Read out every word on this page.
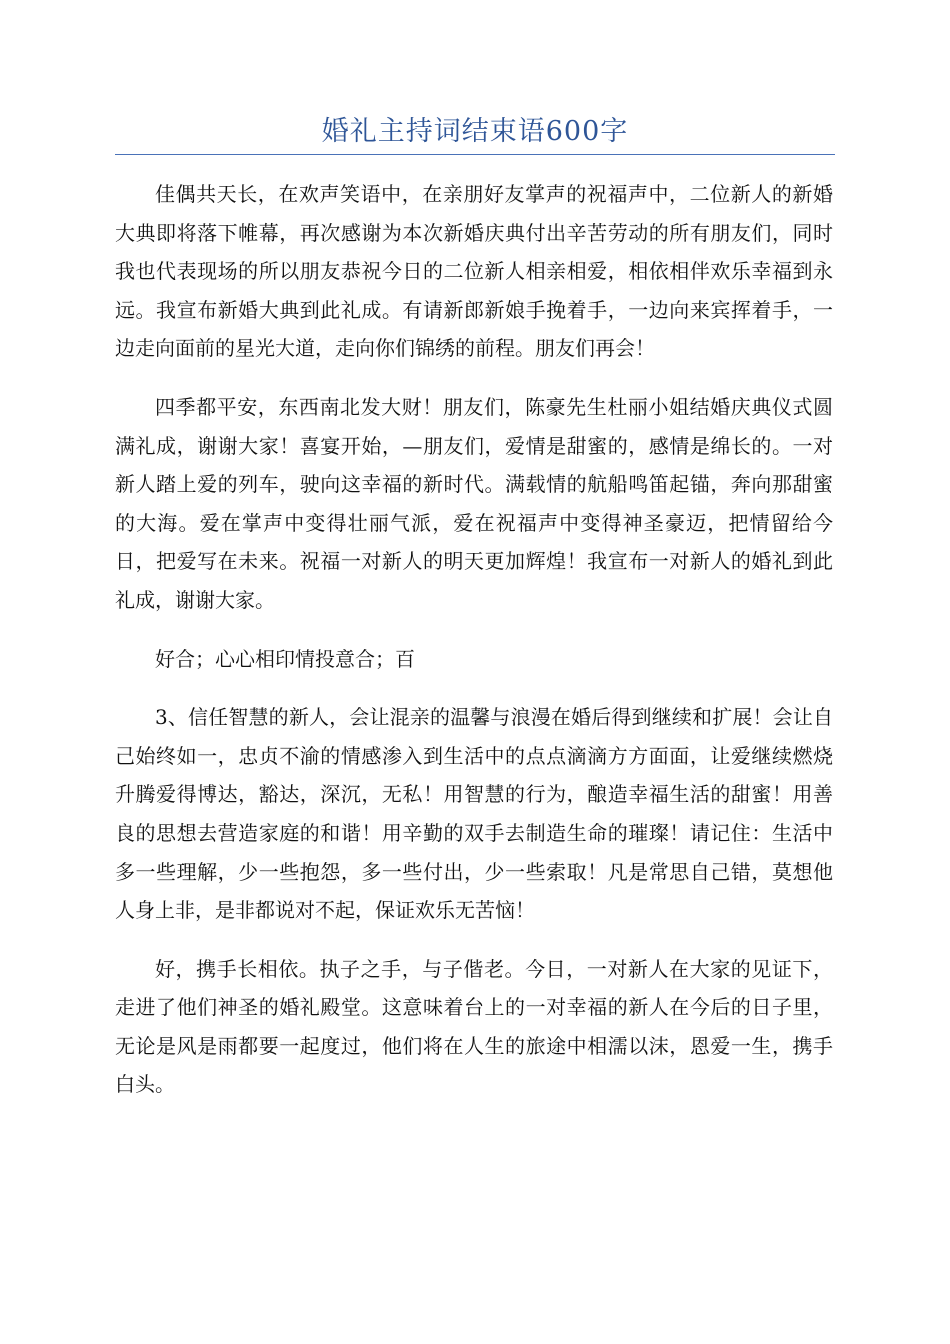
婚礼主持词结束语600字

佳偶共天长，在欢声笑语中，在亲朋好友掌声的祝福声中，二位新人的新婚大典即将落下帷幕，再次感谢为本次新婚庆典付出辛苦劳动的所有朋友们，同时我也代表现场的所以朋友恭祝今日的二位新人相亲相爱，相依相伴欢乐幸福到永远。我宣布新婚大典到此礼成。有请新郎新娘手挽着手，一边向来宾挥着手，一边走向面前的星光大道，走向你们锦绣的前程。朋友们再会！

四季都平安，东西南北发大财！朋友们，陈豪先生杜丽小姐结婚庆典仪式圆满礼成，谢谢大家！喜宴开始，—朋友们，爱情是甜蜜的，感情是绵长的。一对新人踏上爱的列车，驶向这幸福的新时代。满载情的航船鸣笛起锚，奔向那甜蜜的大海。爱在掌声中变得壮丽气派，爱在祝福声中变得神圣豪迈，把情留给今日，把爱写在未来。祝福一对新人的明天更加辉煌！我宣布一对新人的婚礼到此礼成，谢谢大家。

好合；心心相印情投意合；百

3、信任智慧的新人，会让混亲的温馨与浪漫在婚后得到继续和扩展！会让自己始终如一，忠贞不渝的情感渗入到生活中的点点滴滴方方面面，让爱继续燃烧升腾爱得博达，豁达，深沉，无私！用智慧的行为，酿造幸福生活的甜蜜！用善良的思想去营造家庭的和谐！用辛勤的双手去制造生命的璀璨！请记住：生活中多一些理解，少一些抱怨，多一些付出，少一些索取！凡是常思自己错，莫想他人身上非，是非都说对不起，保证欢乐无苦恼！

好，携手长相依。执子之手，与子偕老。今日，一对新人在大家的见证下，走进了他们神圣的婚礼殿堂。这意味着台上的一对幸福的新人在今后的日子里，无论是风是雨都要一起度过，他们将在人生的旅途中相濡以沫，恩爱一生，携手白头。
